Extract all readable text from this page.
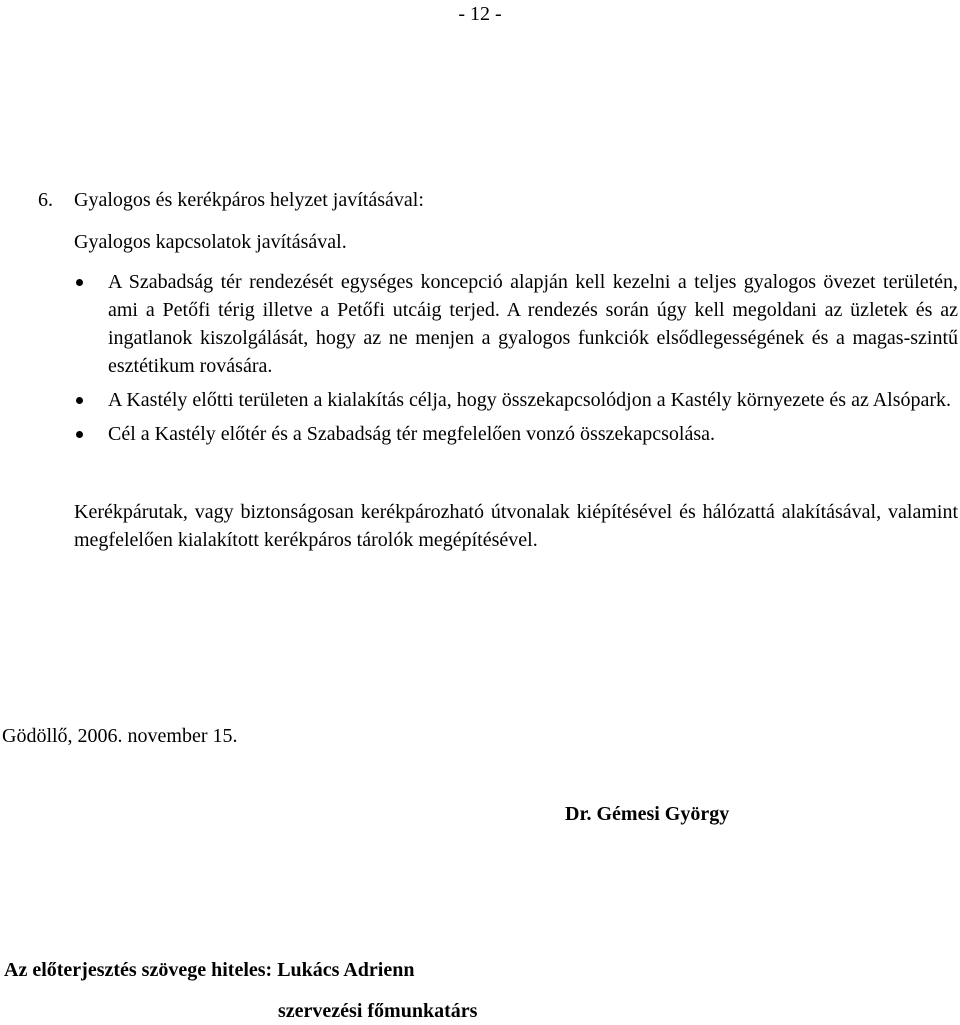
- 12 -
6. Gyalogos és kerékpáros helyzet javításával:
Gyalogos kapcsolatok javításával.
A Szabadság tér rendezését egységes koncepció alapján kell kezelni a teljes gyalogos övezet területén, ami a Petőfi térig illetve a Petőfi utcáig terjed. A rendezés során úgy kell megoldani az üzletek és az ingatlanok kiszolgálását, hogy az ne menjen a gyalogos funkciók elsődlegességének és a magas-szintű esztétikum rovására.
A Kastély előtti területen a kialakítás célja, hogy összekapcsolódjon a Kastély környezete és az Alsópark.
Cél a Kastély előtér és a Szabadság tér megfelelően vonzó összekapcsolása.
Kerékpárutak, vagy biztonságosan kerékpározható útvonalak kiépítésével és hálózattá alakításával, valamint megfelelően kialakított kerékpáros tárolók megépítésével.
Gödöllő, 2006. november 15.
Dr. Gémesi György
Az előterjesztés szövege hiteles: Lukács Adrienn
szervezési főmunkatárs
